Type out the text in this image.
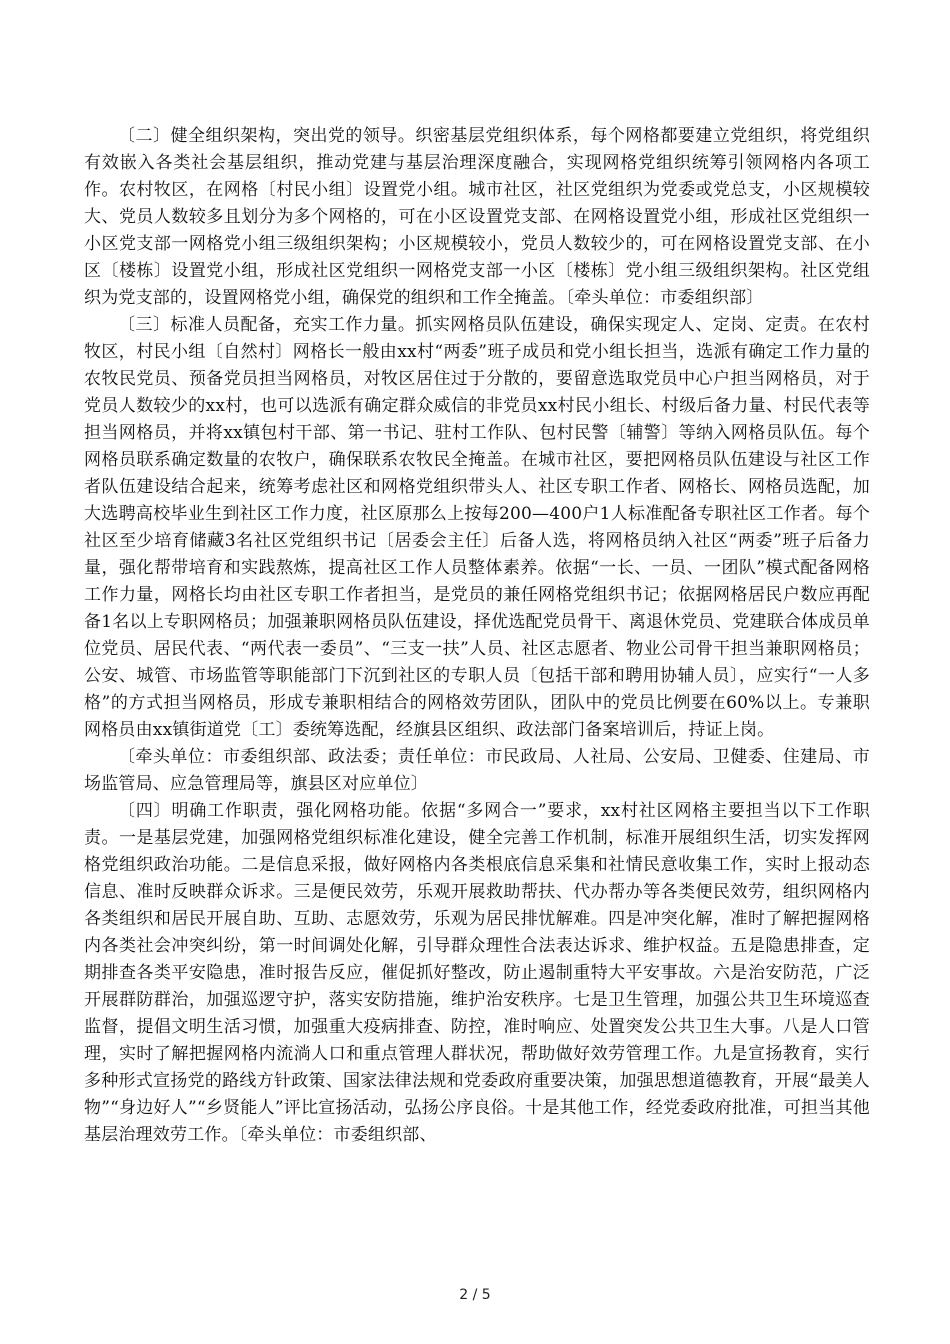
〔二〕健全组织架构，突出党的领导。织密基层党组织体系，每个网格都要建立党组织，将党组织有效嵌入各类社会基层组织，推动党建与基层治理深度融合，实现网格党组织统筹引领网格内各项工作。农村牧区，在网格〔村民小组〕设置党小组。城市社区，社区党组织为党委或党总支，小区规模较大、党员人数较多且划分为多个网格的，可在小区设置党支部、在网格设置党小组，形成社区党组织一小区党支部一网格党小组三级组织架构；小区规模较小，党员人数较少的，可在网格设置党支部、在小区〔楼栋〕设置党小组，形成社区党组织一网格党支部一小区〔楼栋〕党小组三级组织架构。社区党组织为党支部的，设置网格党小组，确保党的组织和工作全掩盖。〔牵头单位：市委组织部〕

〔三〕标准人员配备，充实工作力量。抓实网格员队伍建设，确保实现定人、定岗、定责。在农村牧区，村民小组〔自然村〕网格长一般由xx村“两委”班子成员和党小组长担当，选派有确定工作力量的农牧民党员、预备党员担当网格员，对牧区居住过于分散的，要留意选取党员中心户担当网格员，对于党员人数较少的xx村，也可以选派有确定群众威信的非党员xx村民小组长、村级后备力量、村民代表等担当网格员，并将xx镇包村干部、第一书记、驻村工作队、包村民警〔辅警〕等纳入网格员队伍。每个网格员联系确定数量的农牧户，确保联系农牧民全掩盖。在城市社区，要把网格员队伍建设与社区工作者队伍建设结合起来，统筹考虑社区和网格党组织带头人、社区专职工作者、网格长、网格员选配，加大选聘高校毕业生到社区工作力度，社区原那么上按每200—400户1人标准配备专职社区工作者。每个社区至少培育储藏3名社区党组织书记〔居委会主任〕后备人选，将网格员纳入社区“两委”班子后备力量，强化帮带培育和实践熬炼，提高社区工作人员整体素养。依据“一长、一员、一团队”模式配备网格工作力量，网格长均由社区专职工作者担当，是党员的兼任网格党组织书记；依据网格居民户数应再配备1名以上专职网格员；加强兼职网格员队伍建设，择优选配党员骨干、离退休党员、党建联合体成员单位党员、居民代表、“两代表一委员”、“三支一扶”人员、社区志愿者、物业公司骨干担当兼职网格员；公安、城管、市场监管等职能部门下沉到社区的专职人员〔包括干部和聘用协辅人员〕，应实行“一人多格”的方式担当网格员，形成专兼职相结合的网格效劳团队，团队中的党员比例要在60%以上。专兼职网格员由xx镇街道党〔工〕委统筹选配，经旗县区组织、政法部门备案培训后，持证上岗。

〔牵头单位：市委组织部、政法委；责任单位：市民政局、人社局、公安局、卫健委、住建局、市场监管局、应急管理局等，旗县区对应单位〕

〔四〕明确工作职责，强化网格功能。依据“多网合一”要求，xx村社区网格主要担当以下工作职责。一是基层党建，加强网格党组织标准化建设，健全完善工作机制，标准开展组织生活，切实发挥网格党组织政治功能。二是信息采报，做好网格内各类根底信息采集和社情民意收集工作，实时上报动态信息、准时反映群众诉求。三是便民效劳，乐观开展救助帮扶、代办帮办等各类便民效劳，组织网格内各类组织和居民开展自助、互助、志愿效劳，乐观为居民排忧解难。四是冲突化解，准时了解把握网格内各类社会冲突纠纷，第一时间调处化解，引导群众理性合法表达诉求、维护权益。五是隐患排查，定期排查各类平安隐患，准时报告反应，催促抓好整改，防止遏制重特大平安事故。六是治安防范，广泛开展群防群治，加强巡逻守护，落实安防措施，维护治安秩序。七是卫生管理，加强公共卫生环境巡查监督，提倡文明生活习惯，加强重大疫病排查、防控，准时响应、处置突发公共卫生大事。八是人口管理，实时了解把握网格内流淌人口和重点管理人群状况，帮助做好效劳管理工作。九是宣扬教育，实行多种形式宣扬党的路线方针政策、国家法律法规和党委政府重要决策，加强思想道德教育，开展“最美人物”“身边好人”“乡贤能人”评比宣扬活动，弘扬公序良俗。十是其他工作，经党委政府批准，可担当其他基层治理效劳工作。〔牵头单位：市委组织部、

2 / 5
